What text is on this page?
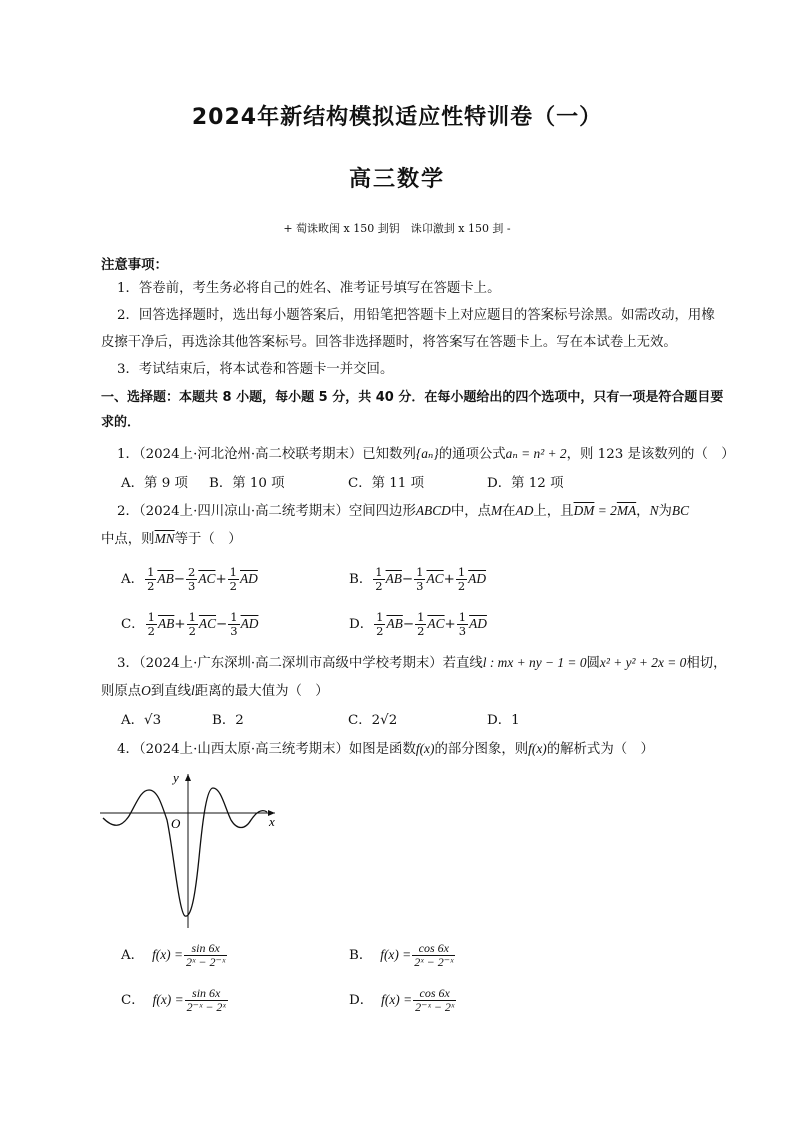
2024年新结构模拟适应性特训卷（一）
高三数学
+ 萄诛畋闺 x 150 刲钥　诛卬激刲 x 150 刲 -
注意事项：
1．答卷前，考生务必将自己的姓名、准考证号填写在答题卡上。
2．回答选择题时，选出每小题答案后，用铅笔把答题卡上对应题目的答案标号涂黑。如需改动，用橡
皮擦干净后，再选涂其他答案标号。回答非选择题时，将答案写在答题卡上。写在本试卷上无效。
3．考试结束后，将本试卷和答题卡一并交回。
一、选择题：本题共 8 小题，每小题 5 分，共 40 分．在每小题给出的四个选项中，只有一项是符合题目要
求的．
1．（2024上·河北沧州·高二校联考期末）已知数列{aₙ}的通项公式aₙ = n² + 2，则 123 是该数列的（　）
A．第 9 项 B．第 10 项	C．第 11 项	D．第 12 项
2．（2024上·四川凉山·高二统考期末）空间四边形ABCD中，点M在AD上，且$\overline{DM} = 2\overline{MA}$，N为BC
中点，则$\overline{MN}$等于（　）
A． $\frac{1}{2} \overline{AB}- \frac{2}{3} \overline{AC}+ \frac{1}{2} \overline{AD}$	B． $\frac{1}{2} \overline{AB}- \frac{1}{3} \overline{AC}+ \frac{1}{2} \overline{AD}$
C． $\frac{1}{2} \overline{AB}+ \frac{1}{2} \overline{AC}- \frac{1}{3} \overline{AD}$	D． $\frac{1}{2} \overline{AB}- \frac{1}{2} \overline{AC}+ \frac{1}{3} \overline{AD}$
3．（2024上·广东深圳·高二深圳市高级中学校考期末）若直线l : mx + ny − 1 = 0圆x² + y² + 2x = 0相切，
则原点O到直线l距离的最大值为（　）
A．√3	B．2	C．2√2	D．1
4．（2024上·山西太原·高三统考期末）如图是函数f(x)的部分图象，则f(x)的解析式为（　）
y
x
O
A． $f(x) = \frac{\sin 6x}{\text{2ˣ − 2⁻ˣ}}$	B． $f(x) = \frac{\cos 6x}{\text{2ˣ − 2⁻ˣ}}$
C． $f(x) = \frac{\sin 6x}{\text{2⁻ˣ − 2ˣ}}$	D． $f(x) = \frac{\cos 6x}{\text{2⁻ˣ − 2ˣ}}$
